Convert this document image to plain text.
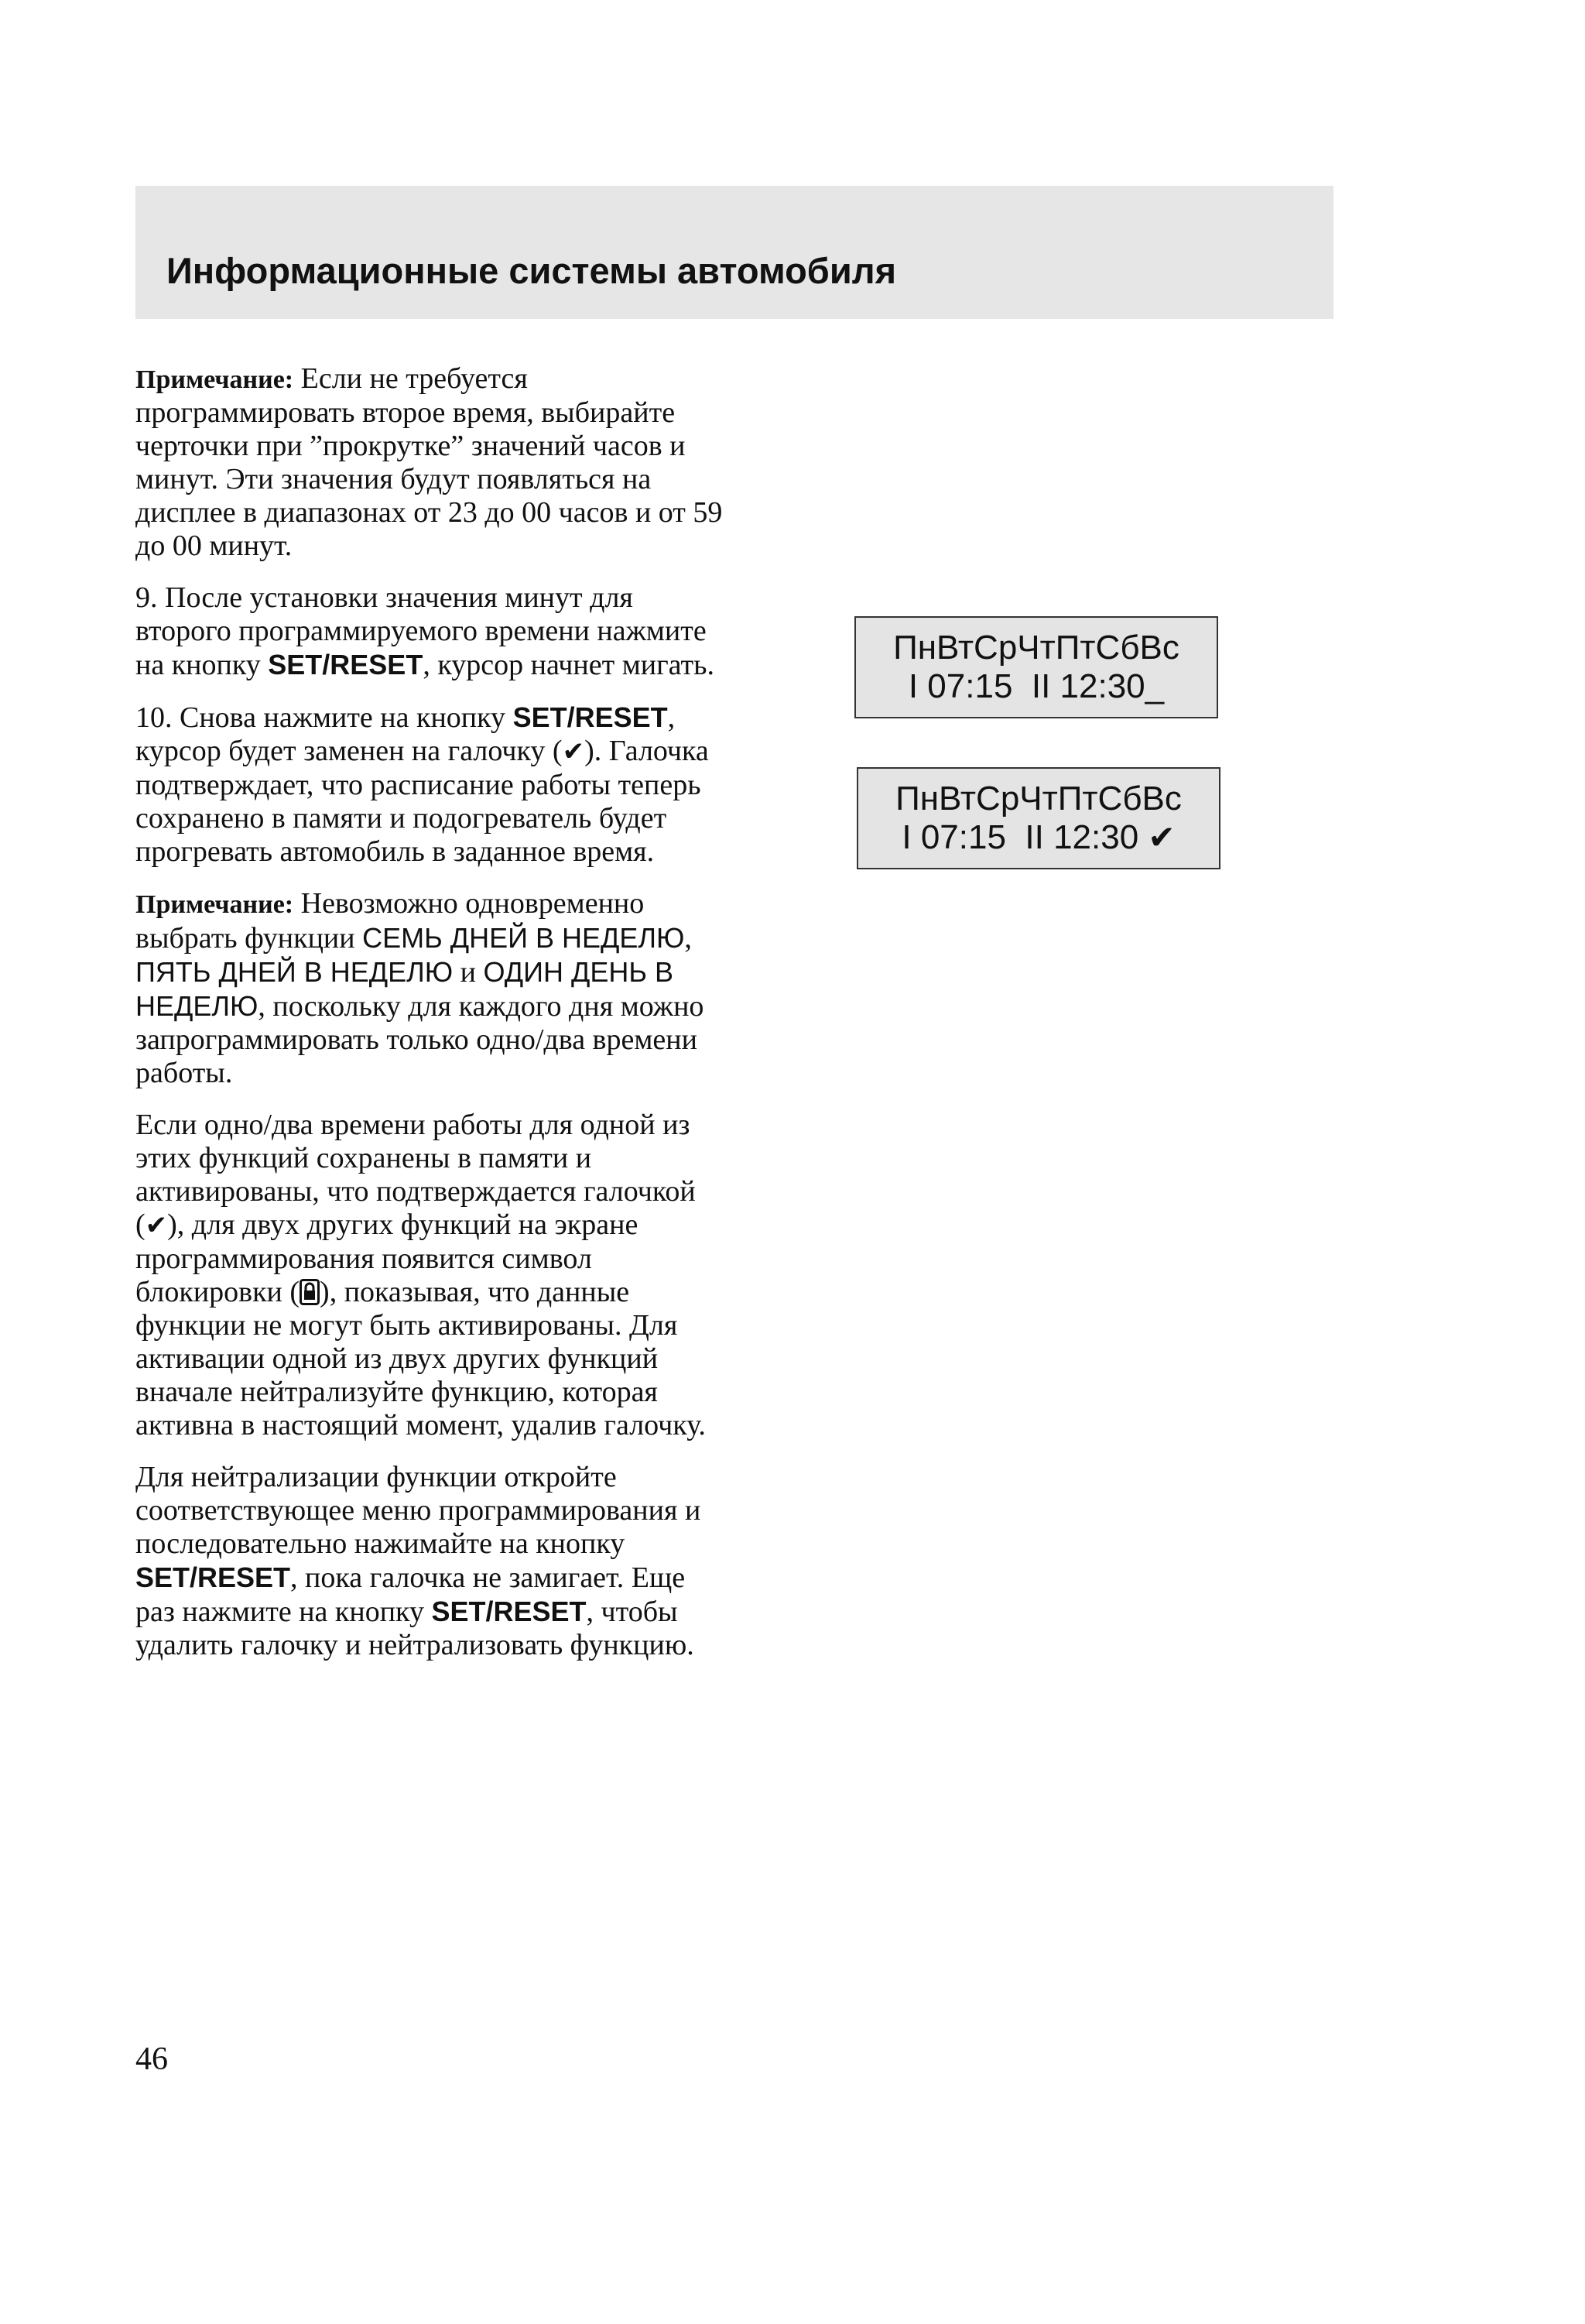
Информационные системы автомобиля

Примечание: Если не требуется программировать второе время, выбирайте черточки при ”прокрутке” значений часов и минут. Эти значения будут появляться на дисплее в диапазонах от 23 до 00 часов и от 59 до 00 минут.

9. После установки значения минут для второго программируемого времени нажмите на кнопку SET/RESET, курсор начнет мигать.

10. Снова нажмите на кнопку SET/RESET, курсор будет заменен на галочку (✔). Галочка подтверждает, что расписание работы теперь сохранено в памяти и подогреватель будет прогревать автомобиль в заданное время.

Примечание: Невозможно одновременно выбрать функции СЕМЬ ДНЕЙ В НЕДЕЛЮ, ПЯТЬ ДНЕЙ В НЕДЕЛЮ и ОДИН ДЕНЬ В НЕДЕЛЮ, поскольку для каждого дня можно запрограммировать только одно/два времени работы.

Если одно/два времени работы для одной из этих функций сохранены в памяти и активированы, что подтверждается галочкой (✔), для двух других функций на экране программирования появится символ блокировки ( ), показывая, что данные функции не могут быть активированы. Для активации одной из двух других функций вначале нейтрализуйте функцию, которая активна в настоящий момент, удалив галочку.

Для нейтрализации функции откройте соответствующее меню программирования и последовательно нажимайте на кнопку SET/RESET, пока галочка не замигает. Еще раз нажмите на кнопку SET/RESET, чтобы удалить галочку и нейтрализовать функцию.

ПнВтСрЧтПтСбВс
I 07:15  II 12:30_
ПнВтСрЧтПтСбВс
I 07:15  II 12:30 ✔
46
